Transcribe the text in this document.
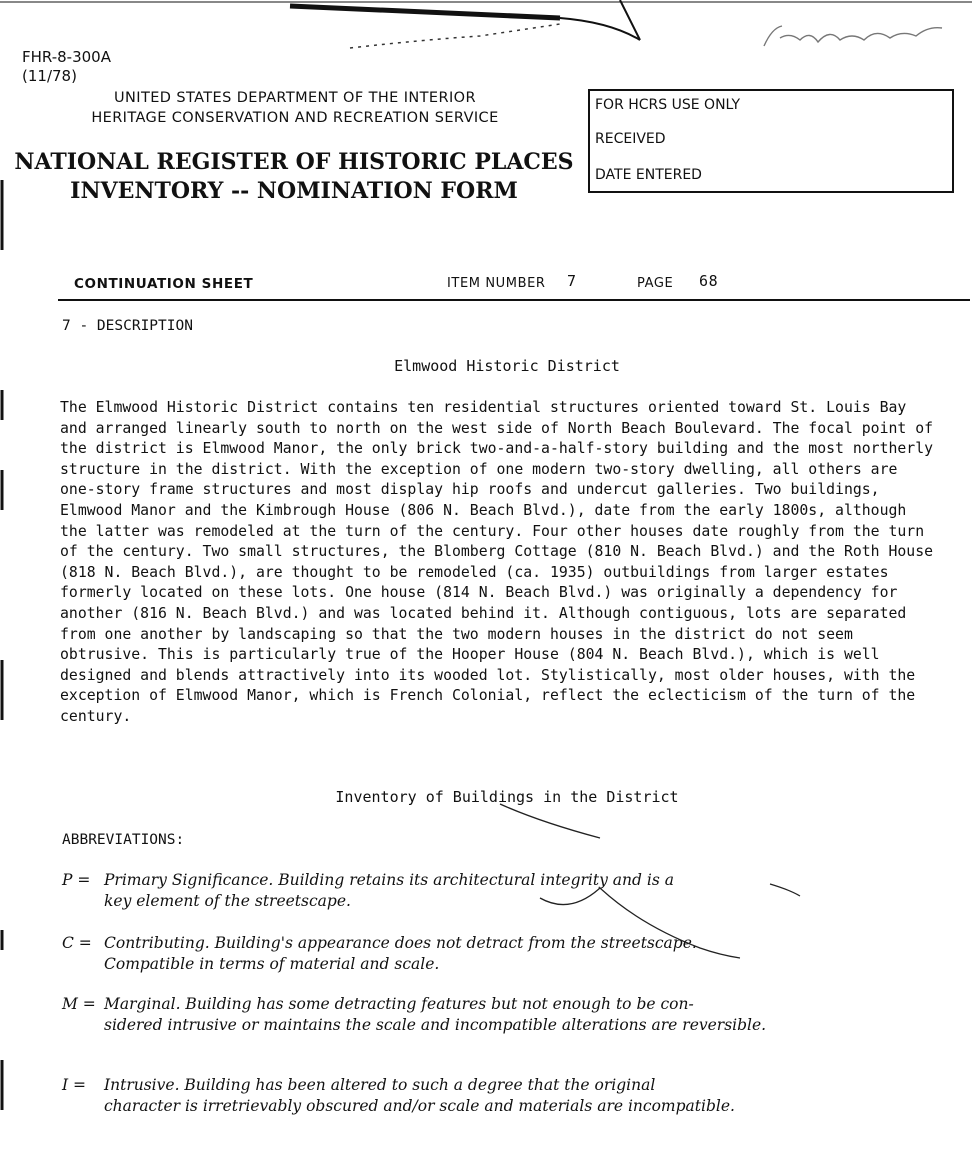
FHR-8-300A
(11/78)
UNITED STATES DEPARTMENT OF THE INTERIOR
HERITAGE CONSERVATION AND RECREATION SERVICE
NATIONAL REGISTER OF HISTORIC PLACES
INVENTORY -- NOMINATION FORM
FOR HCRS USE ONLY
RECEIVED
DATE ENTERED
CONTINUATION SHEET	ITEM NUMBER 7	PAGE 68
7 - DESCRIPTION
Elmwood Historic District
The Elmwood Historic District contains ten residential structures oriented toward St. Louis Bay and arranged linearly south to north on the west side of North Beach Boulevard. The focal point of the district is Elmwood Manor, the only brick two-and-a-half-story building and the most northerly structure in the district. With the exception of one modern two-story dwelling, all others are one-story frame structures and most display hip roofs and undercut galleries. Two buildings, Elmwood Manor and the Kimbrough House (806 N. Beach Blvd.), date from the early 1800s, although the latter was remodeled at the turn of the century. Four other houses date roughly from the turn of the century. Two small structures, the Blomberg Cottage (810 N. Beach Blvd.) and the Roth House (818 N. Beach Blvd.), are thought to be remodeled (ca. 1935) outbuildings from larger estates formerly located on these lots. One house (814 N. Beach Blvd.) was originally a dependency for another (816 N. Beach Blvd.) and was located behind it. Although contiguous, lots are separated from one another by landscaping so that the two modern houses in the district do not seem obtrusive. This is particularly true of the Hooper House (804 N. Beach Blvd.), which is well designed and blends attractively into its wooded lot. Stylistically, most older houses, with the exception of Elmwood Manor, which is French Colonial, reflect the eclecticism of the turn of the century.
Inventory of Buildings in the District
ABBREVIATIONS:
P = Primary Significance. Building retains its architectural integrity and is a
key element of the streetscape.
C = Contributing. Building's appearance does not detract from the streetscape.
Compatible in terms of material and scale.
M = Marginal. Building has some detracting features but not enough to be con-
sidered intrusive or maintains the scale and incompatible alterations are reversible.
I = Intrusive. Building has been altered to such a degree that the original
character is irretrievably obscured and/or scale and materials are incompatible.
